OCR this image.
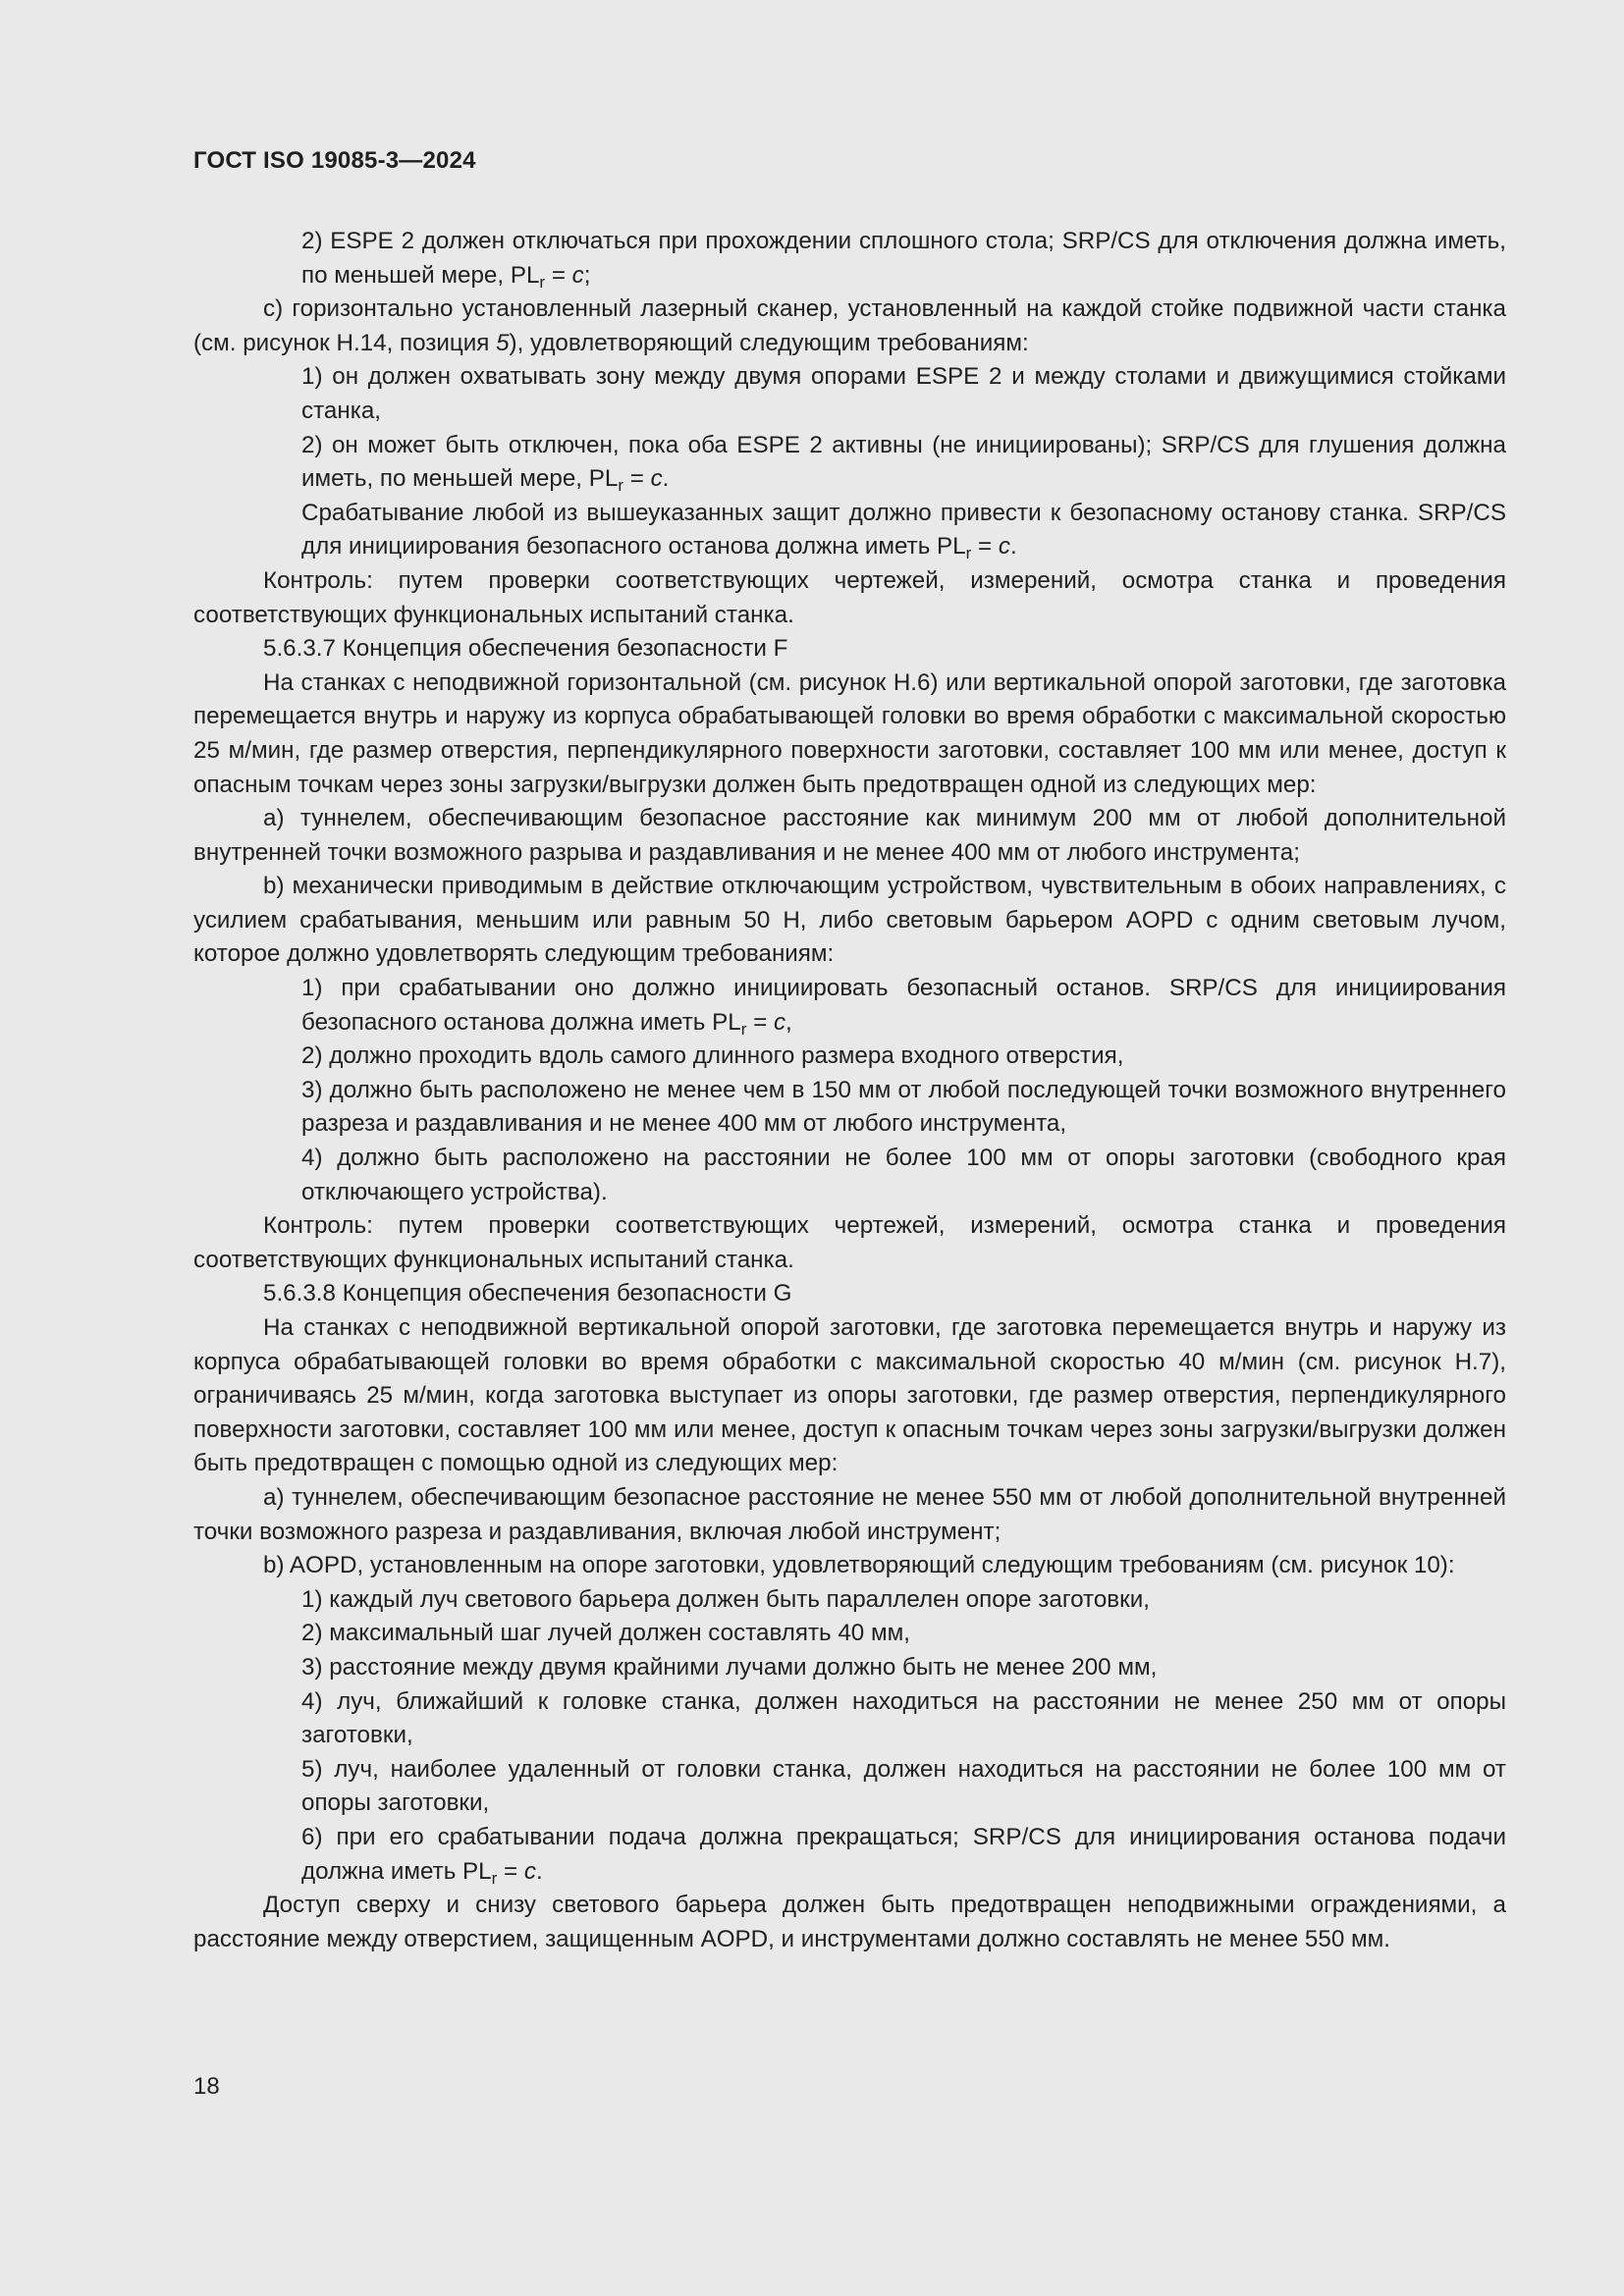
ГОСТ ISO 19085-3—2024

2) ESPE 2 должен отключаться при прохождении сплошного стола; SRP/CS для отключения должна иметь, по меньшей мере, $PL_r = c$;

c) горизонтально установленный лазерный сканер, установленный на каждой стойке подвижной части станка (см. рисунок H.14, позиция 5), удовлетворяющий следующим требованиям:

1) он должен охватывать зону между двумя опорами ESPE 2 и между столами и движущимися стойками станка,

2) он может быть отключен, пока оба ESPE 2 активны (не инициированы); SRP/CS для глушения должна иметь, по меньшей мере, $PL_r = c$.

Срабатывание любой из вышеуказанных защит должно привести к безопасному останову станка. SRP/CS для инициирования безопасного останова должна иметь $PL_r = c$.

Контроль: путем проверки соответствующих чертежей, измерений, осмотра станка и проведения соответствующих функциональных испытаний станка.

5.6.3.7 Концепция обеспечения безопасности F

На станках с неподвижной горизонтальной (см. рисунок H.6) или вертикальной опорой заготовки, где заготовка перемещается внутрь и наружу из корпуса обрабатывающей головки во время обработки с максимальной скоростью 25 м/мин, где размер отверстия, перпендикулярного поверхности заготовки, составляет 100 мм или менее, доступ к опасным точкам через зоны загрузки/выгрузки должен быть предотвращен одной из следующих мер:

a) туннелем, обеспечивающим безопасное расстояние как минимум 200 мм от любой дополнительной внутренней точки возможного разрыва и раздавливания и не менее 400 мм от любого инструмента;

b) механически приводимым в действие отключающим устройством, чувствительным в обоих направлениях, с усилием срабатывания, меньшим или равным 50 Н, либо световым барьером AOPD с одним световым лучом, которое должно удовлетворять следующим требованиям:

1) при срабатывании оно должно инициировать безопасный останов. SRP/CS для инициирования безопасного останова должна иметь $PL_r = c$,

2) должно проходить вдоль самого длинного размера входного отверстия,

3) должно быть расположено не менее чем в 150 мм от любой последующей точки возможного внутреннего разреза и раздавливания и не менее 400 мм от любого инструмента,

4) должно быть расположено на расстоянии не более 100 мм от опоры заготовки (свободного края отключающего устройства).

Контроль: путем проверки соответствующих чертежей, измерений, осмотра станка и проведения соответствующих функциональных испытаний станка.

5.6.3.8 Концепция обеспечения безопасности G

На станках с неподвижной вертикальной опорой заготовки, где заготовка перемещается внутрь и наружу из корпуса обрабатывающей головки во время обработки с максимальной скоростью 40 м/мин (см. рисунок H.7), ограничиваясь 25 м/мин, когда заготовка выступает из опоры заготовки, где размер отверстия, перпендикулярного поверхности заготовки, составляет 100 мм или менее, доступ к опасным точкам через зоны загрузки/выгрузки должен быть предотвращен с помощью одной из следующих мер:

a) туннелем, обеспечивающим безопасное расстояние не менее 550 мм от любой дополнительной внутренней точки возможного разреза и раздавливания, включая любой инструмент;

b) AOPD, установленным на опоре заготовки, удовлетворяющий следующим требованиям (см. рисунок 10):

1) каждый луч светового барьера должен быть параллелен опоре заготовки,

2) максимальный шаг лучей должен составлять 40 мм,

3) расстояние между двумя крайними лучами должно быть не менее 200 мм,

4) луч, ближайший к головке станка, должен находиться на расстоянии не менее 250 мм от опоры заготовки,

5) луч, наиболее удаленный от головки станка, должен находиться на расстоянии не более 100 мм от опоры заготовки,

6) при его срабатывании подача должна прекращаться; SRP/CS для инициирования останова подачи должна иметь $PL_r = c$.

Доступ сверху и снизу светового барьера должен быть предотвращен неподвижными ограждениями, а расстояние между отверстием, защищенным AOPD, и инструментами должно составлять не менее 550 мм.

18
